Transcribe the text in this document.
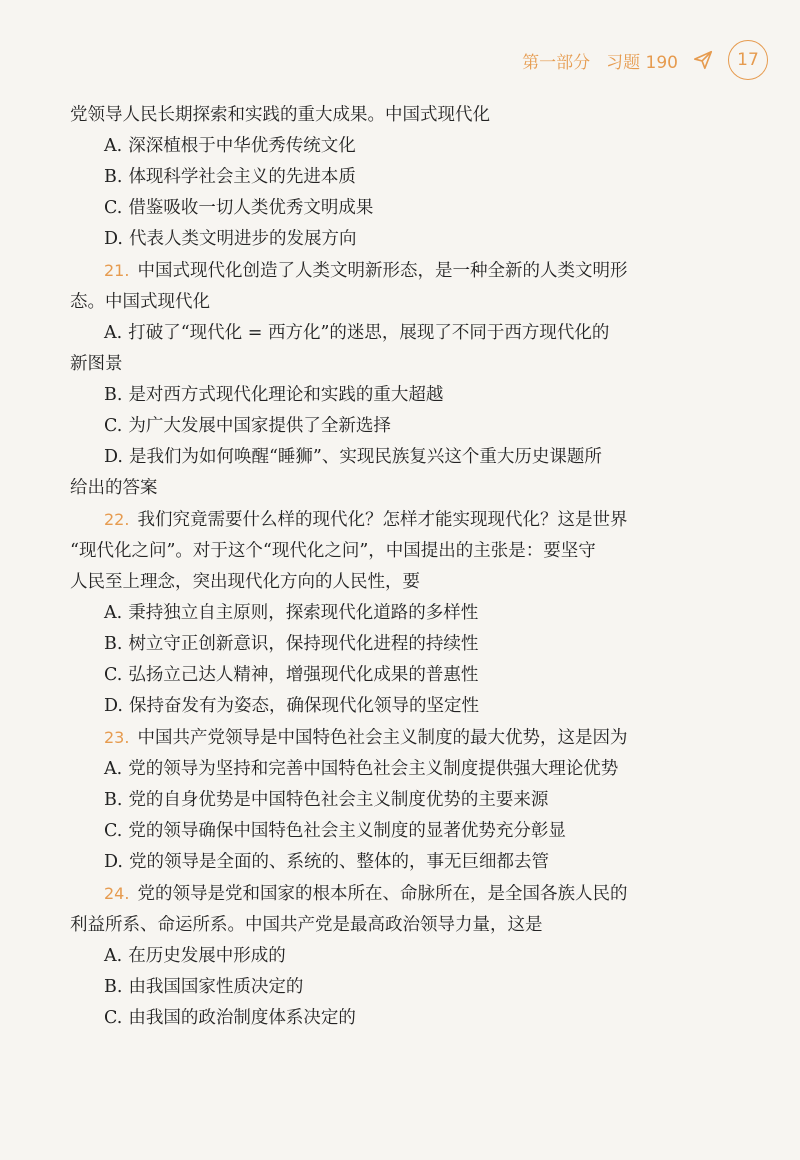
第一部分 习题 190	17

党领导人民长期探索和实践的重大成果。中国式现代化

A. 深深植根于中华优秀传统文化

B. 体现科学社会主义的先进本质

C. 借鉴吸收一切人类优秀文明成果

D. 代表人类文明进步的发展方向

21. 中国式现代化创造了人类文明新形态，是一种全新的人类文明形

态。中国式现代化

A. 打破了“现代化 = 西方化”的迷思，展现了不同于西方现代化的

新图景

B. 是对西方式现代化理论和实践的重大超越

C. 为广大发展中国家提供了全新选择

D. 是我们为如何唤醒“睡狮”、实现民族复兴这个重大历史课题所

给出的答案

22. 我们究竟需要什么样的现代化？怎样才能实现现代化？这是世界

“现代化之问”。对于这个“现代化之问”，中国提出的主张是：要坚守

人民至上理念，突出现代化方向的人民性，要

A. 秉持独立自主原则，探索现代化道路的多样性

B. 树立守正创新意识，保持现代化进程的持续性

C. 弘扬立己达人精神，增强现代化成果的普惠性

D. 保持奋发有为姿态，确保现代化领导的坚定性

23. 中国共产党领导是中国特色社会主义制度的最大优势，这是因为

A. 党的领导为坚持和完善中国特色社会主义制度提供强大理论优势

B. 党的自身优势是中国特色社会主义制度优势的主要来源

C. 党的领导确保中国特色社会主义制度的显著优势充分彰显

D. 党的领导是全面的、系统的、整体的，事无巨细都去管

24. 党的领导是党和国家的根本所在、命脉所在，是全国各族人民的

利益所系、命运所系。中国共产党是最高政治领导力量，这是

A. 在历史发展中形成的

B. 由我国国家性质决定的

C. 由我国的政治制度体系决定的
